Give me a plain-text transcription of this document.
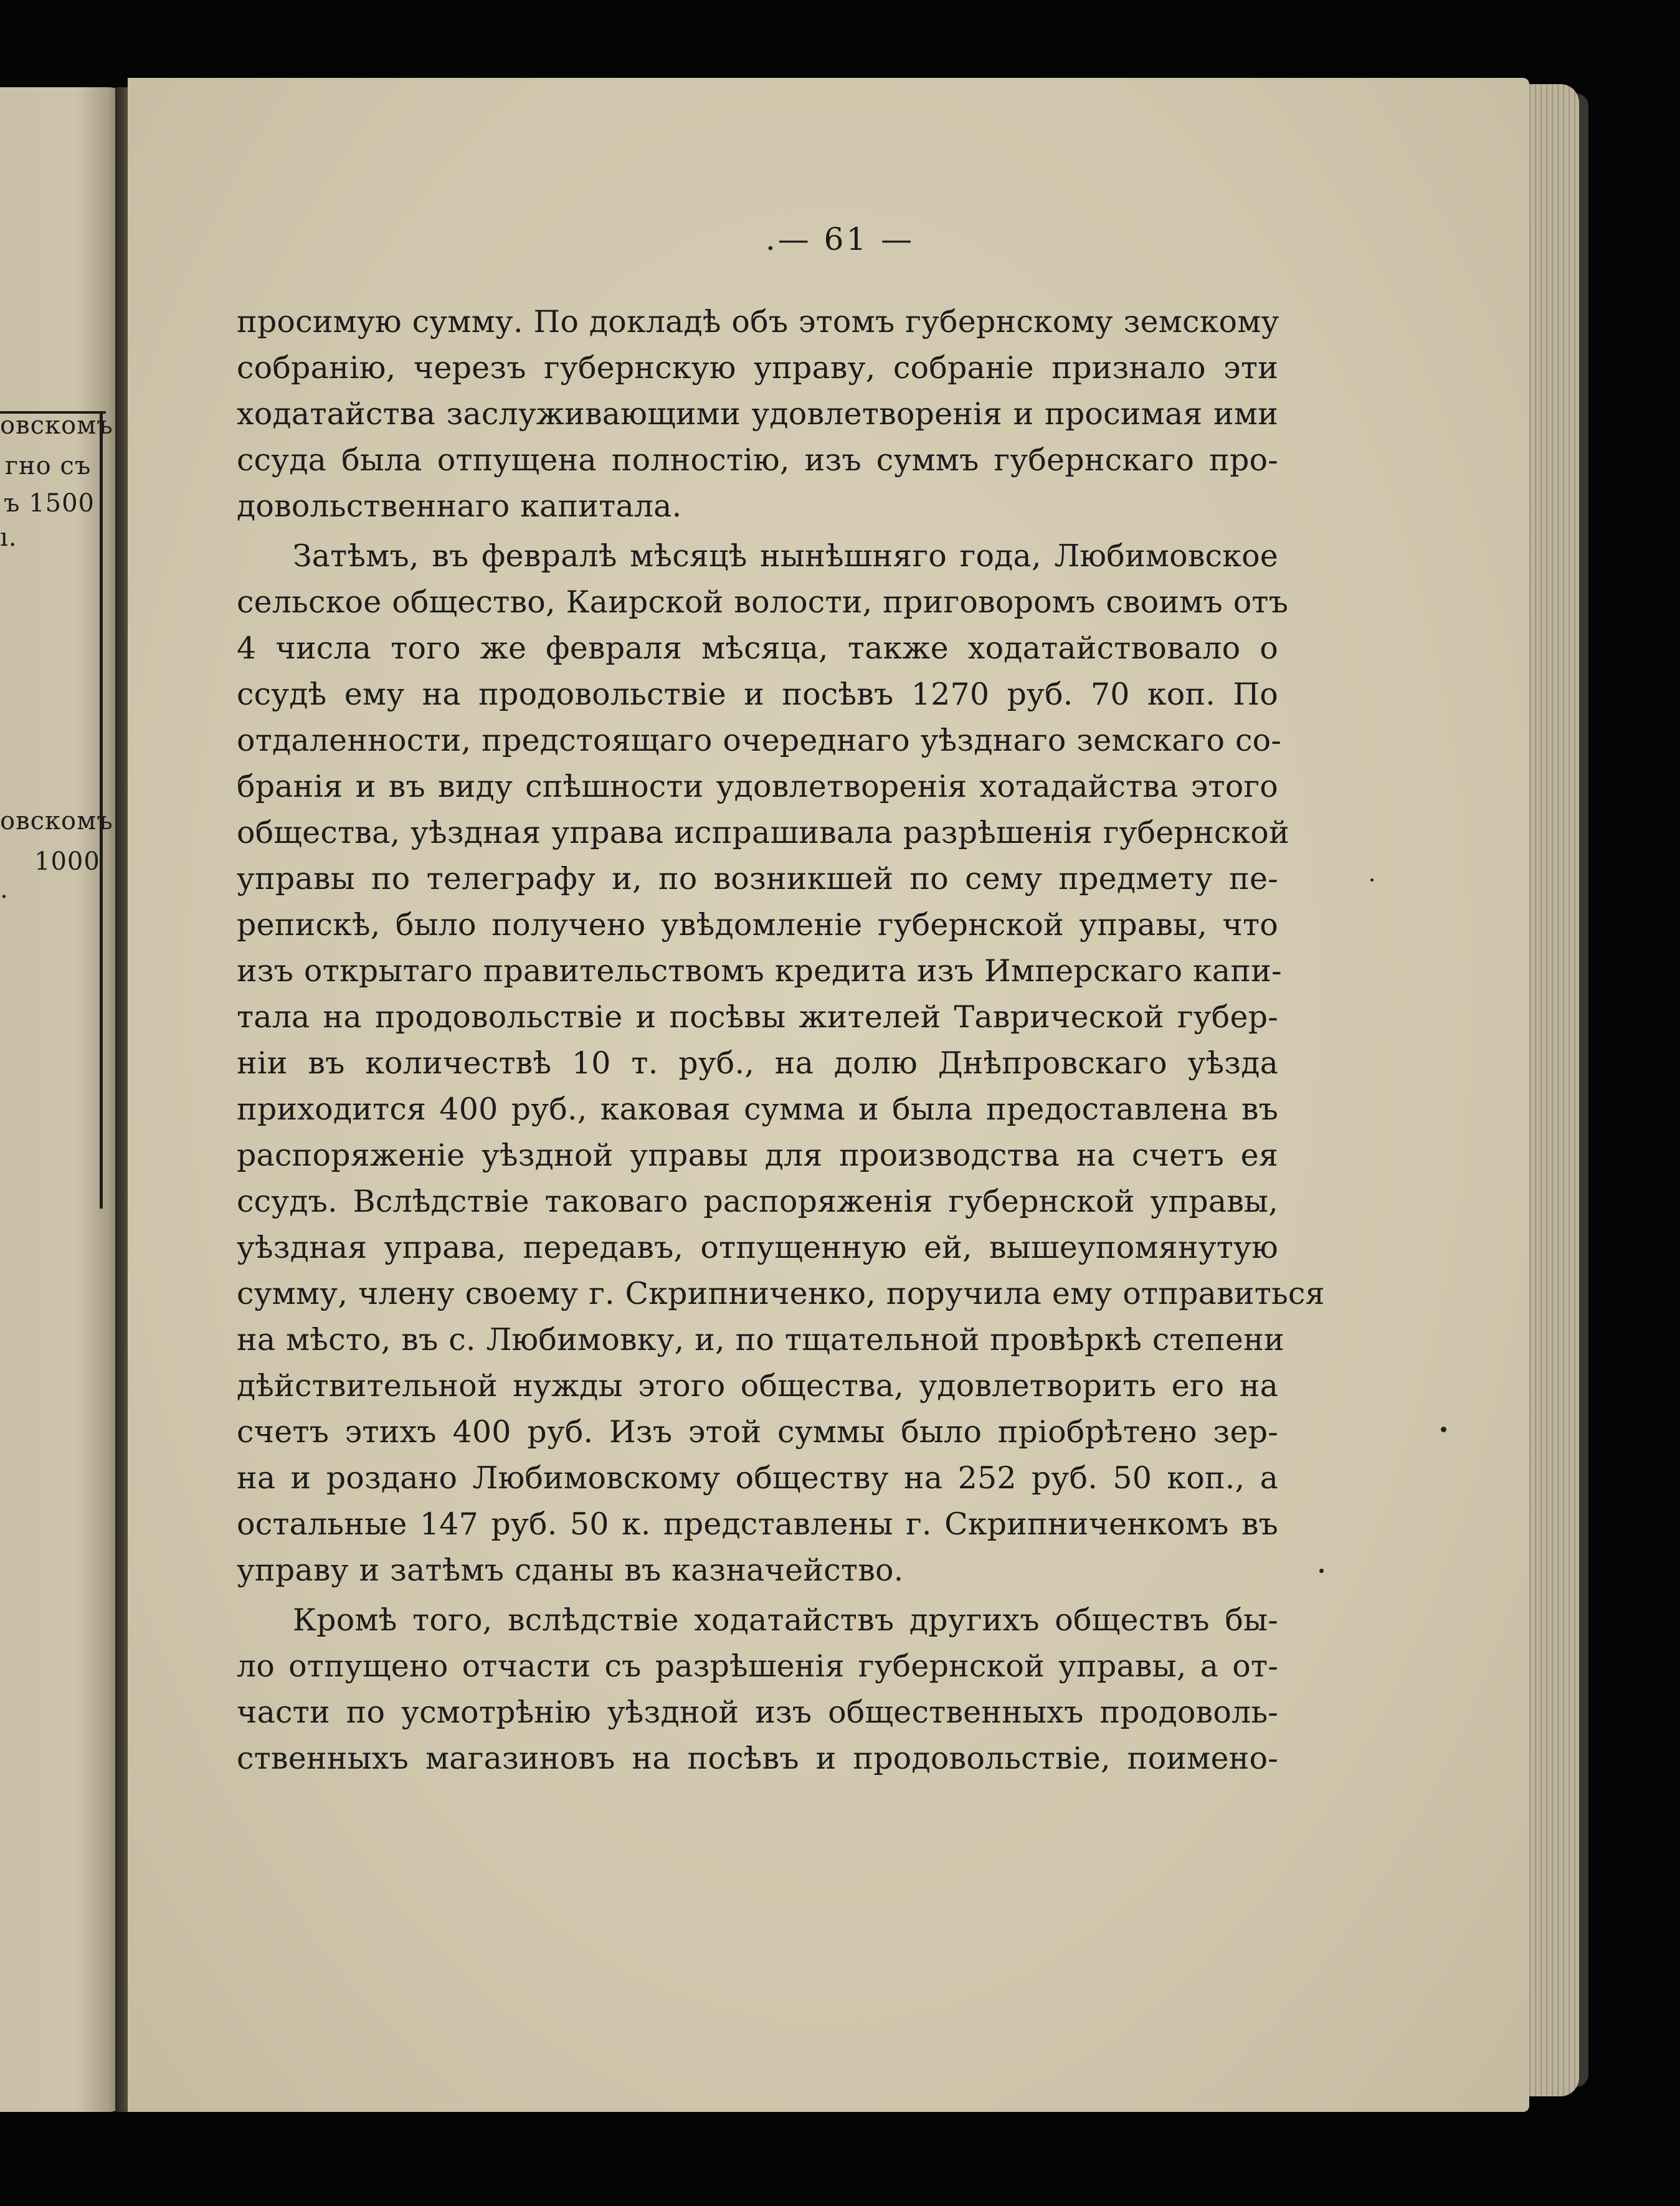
овскомъ
гно съ
ъ 1500
ı.
овскомъ
1000
.
.— 61 —
просимую сумму. По докладѣ объ этомъ губернскому земскому
собранію, черезъ губернскую управу, собраніе признало эти
ходатайства заслуживающими удовлетворенія и просимая ими
ссуда была отпущена полностію, изъ суммъ губернскаго про-
довольственнаго капитала.
Затѣмъ, въ февралѣ мѣсяцѣ нынѣшняго года, Любимовское
сельское общество, Каирской волости, приговоромъ своимъ отъ
4 числа того же февраля мѣсяца, также ходатайствовало о
ссудѣ ему на продовольствіе и посѣвъ 1270 руб. 70 коп. По
отдаленности, предстоящаго очереднаго уѣзднаго земскаго со-
бранія и въ виду спѣшности удовлетворенія хотадайства этого
общества, уѣздная управа испрашивала разрѣшенія губернской
управы по телеграфу и, по возникшей по сему предмету пе-
репискѣ, было получено увѣдомленіе губернской управы, что
изъ открытаго правительствомъ кредита изъ Имперскаго капи-
тала на продовольствіе и посѣвы жителей Таврической губер-
ніи въ количествѣ 10 т. руб., на долю Днѣпровскаго уѣзда
приходится 400 руб., каковая сумма и была предоставлена въ
распоряженіе уѣздной управы для производства на счетъ ея
ссудъ. Вслѣдствіе таковаго распоряженія губернской управы,
уѣздная управа, передавъ, отпущенную ей, вышеупомянутую
сумму, члену своему г. Скрипниченко, поручила ему отправиться
на мѣсто, въ с. Любимовку, и, по тщательной провѣркѣ степени
дѣйствительной нужды этого общества, удовлетворить его на
счетъ этихъ 400 руб. Изъ этой суммы было пріобрѣтено зер-
на и роздано Любимовскому обществу на 252 руб. 50 коп., а
остальные 147 руб. 50 к. представлены г. Скрипниченкомъ въ
управу и затѣмъ сданы въ казначейство.
Кромѣ того, вслѣдствіе ходатайствъ другихъ обществъ бы-
ло отпущено отчасти съ разрѣшенія губернской управы, а от-
части по усмотрѣнію уѣздной изъ общественныхъ продоволь-
ственныхъ магазиновъ на посѣвъ и продовольствіе, поимено-
